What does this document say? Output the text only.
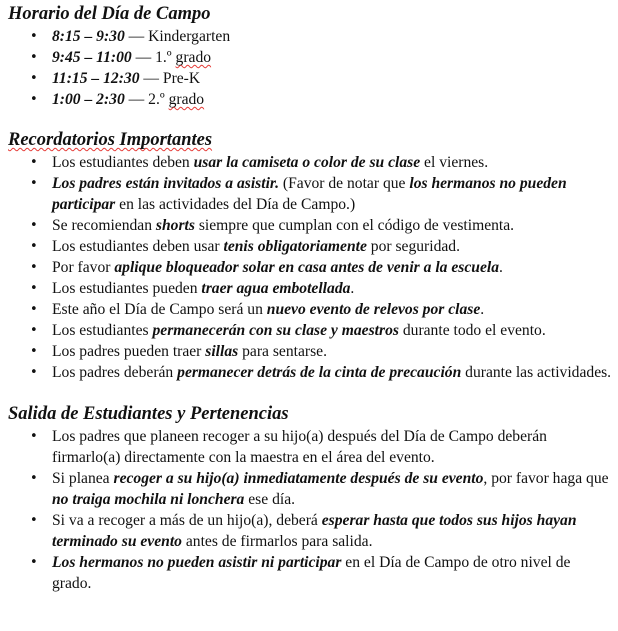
Horario del Día de Campo
• 8:15 – 9:30 — Kindergarten
• 9:45 – 11:00 — 1.º grado
• 11:15 – 12:30 — Pre-K
• 1:00 – 2:30 — 2.º grado
Recordatorios Importantes
• Los estudiantes deben usar la camiseta o color de su clase el viernes.
• Los padres están invitados a asistir. (Favor de notar que los hermanos no pueden participar en las actividades del Día de Campo.)
• Se recomiendan shorts siempre que cumplan con el código de vestimenta.
• Los estudiantes deben usar tenis obligatoriamente por seguridad.
• Por favor aplique bloqueador solar en casa antes de venir a la escuela.
• Los estudiantes pueden traer agua embotellada.
• Este año el Día de Campo será un nuevo evento de relevos por clase.
• Los estudiantes permanecerán con su clase y maestros durante todo el evento.
• Los padres pueden traer sillas para sentarse.
• Los padres deberán permanecer detrás de la cinta de precaución durante las actividades.
Salida de Estudiantes y Pertenencias
• Los padres que planeen recoger a su hijo(a) después del Día de Campo deberán firmarlo(a) directamente con la maestra en el área del evento.
• Si planea recoger a su hijo(a) inmediatamente después de su evento, por favor haga que no traiga mochila ni lonchera ese día.
• Si va a recoger a más de un hijo(a), deberá esperar hasta que todos sus hijos hayan terminado su evento antes de firmarlos para salida.
• Los hermanos no pueden asistir ni participar en el Día de Campo de otro nivel de grado.
